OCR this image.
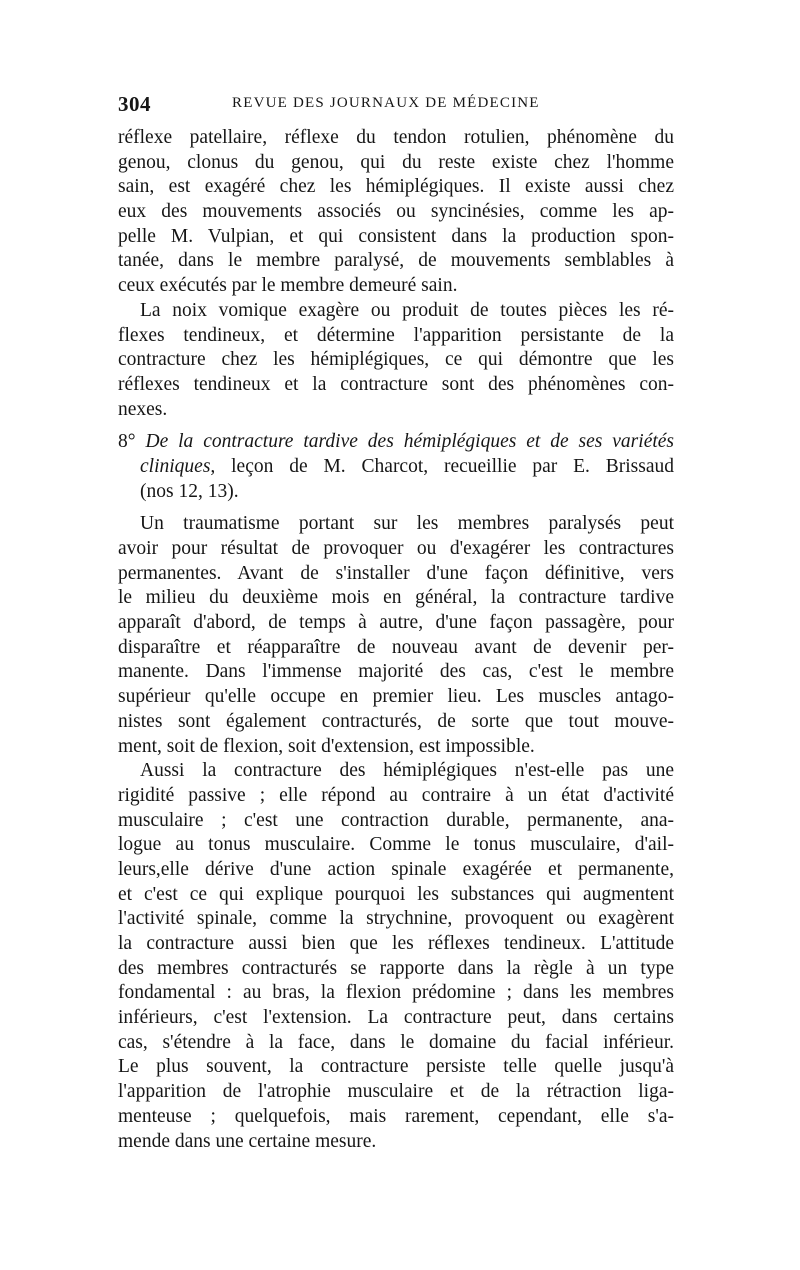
304	REVUE DES JOURNAUX DE MÉDECINE
réflexe patellaire, réflexe du tendon rotulien, phénomène du
genou, clonus du genou, qui du reste existe chez l'homme
sain, est exagéré chez les hémiplégiques. Il existe aussi chez
eux des mouvements associés ou syncinésies, comme les ap-
pelle M. Vulpian, et qui consistent dans la production spon-
tanée, dans le membre paralysé, de mouvements semblables à
ceux exécutés par le membre demeuré sain.
La noix vomique exagère ou produit de toutes pièces les ré-
flexes tendineux, et détermine l'apparition persistante de la
contracture chez les hémiplégiques, ce qui démontre que les
réflexes tendineux et la contracture sont des phénomènes con-
nexes.
8° De la contracture tardive des hémiplégiques et de ses variétés
cliniques, leçon de M. Charcot, recueillie par E. Brissaud
(nos 12, 13).
Un traumatisme portant sur les membres paralysés peut
avoir pour résultat de provoquer ou d'exagérer les contractures
permanentes. Avant de s'installer d'une façon définitive, vers
le milieu du deuxième mois en général, la contracture tardive
apparaît d'abord, de temps à autre, d'une façon passagère, pour
disparaître et réapparaître de nouveau avant de devenir per-
manente. Dans l'immense majorité des cas, c'est le membre
supérieur qu'elle occupe en premier lieu. Les muscles antago-
nistes sont également contracturés, de sorte que tout mouve-
ment, soit de flexion, soit d'extension, est impossible.
Aussi la contracture des hémiplégiques n'est-elle pas une
rigidité passive ; elle répond au contraire à un état d'activité
musculaire ; c'est une contraction durable, permanente, ana-
logue au tonus musculaire. Comme le tonus musculaire, d'ail-
leurs,elle dérive d'une action spinale exagérée et permanente,
et c'est ce qui explique pourquoi les substances qui augmentent
l'activité spinale, comme la strychnine, provoquent ou exagèrent
la contracture aussi bien que les réflexes tendineux. L'attitude
des membres contracturés se rapporte dans la règle à un type
fondamental : au bras, la flexion prédomine ; dans les membres
inférieurs, c'est l'extension. La contracture peut, dans certains
cas, s'étendre à la face, dans le domaine du facial inférieur.
Le plus souvent, la contracture persiste telle quelle jusqu'à
l'apparition de l'atrophie musculaire et de la rétraction liga-
menteuse ; quelquefois, mais rarement, cependant, elle s'a-
mende dans une certaine mesure.
